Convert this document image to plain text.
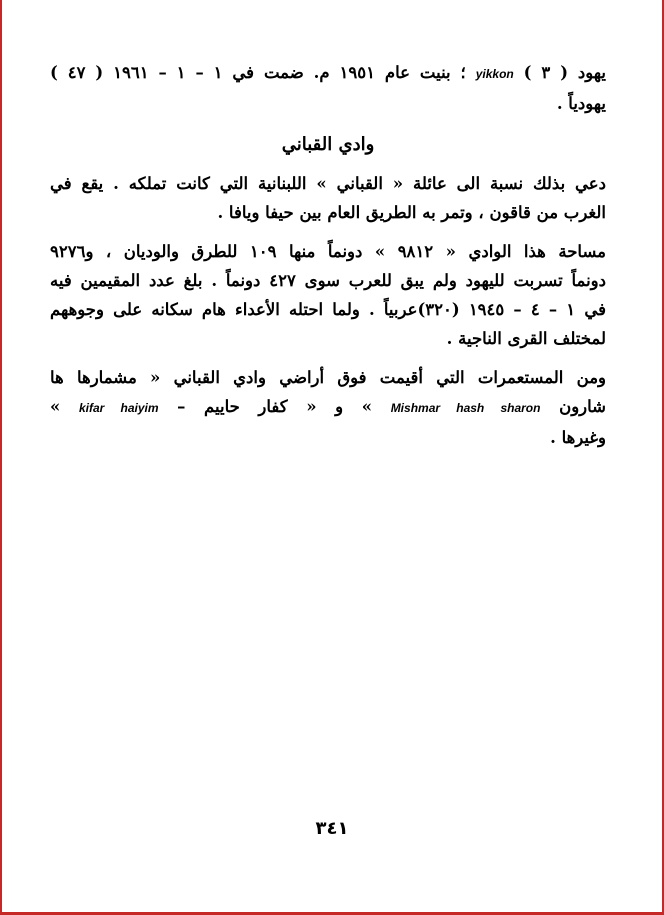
يهود ( ٣ ) yikkon ؛ بنيت عام ١٩٥١ م. ضمت في ١ – ١ – ١٩٦١ ( ٤٧ )
يهودياً .
وادي القباني
دعي بذلك نسبة الى عائلة « القباني » اللبنانية التي كانت تملكه . يقع في
الغرب من قاقون ، وتمر به الطريق العام بين حيفا ويافا .
مساحة هذا الوادي « ٩٨١٢ » دونماً منها ١٠٩ للطرق والوديان ، و٩٢٧٦
دونماً تسربت لليهود ولم يبق للعرب سوى ٤٢٧ دونماً . بلغ عدد المقيمين فيه
في ١ – ٤ – ١٩٤٥ (٣٢٠)عربياً . ولما احتله الأعداء هام سكانه على وجوههم
لمختلف القرى الناجية .
ومن المستعمرات التي أقيمت فوق أراضي وادي القباني « مشمارها ها
شارون Mishmar hash sharon » و « كفار حاييم – kifar haiyim »
وغيرها .
٣٤١
